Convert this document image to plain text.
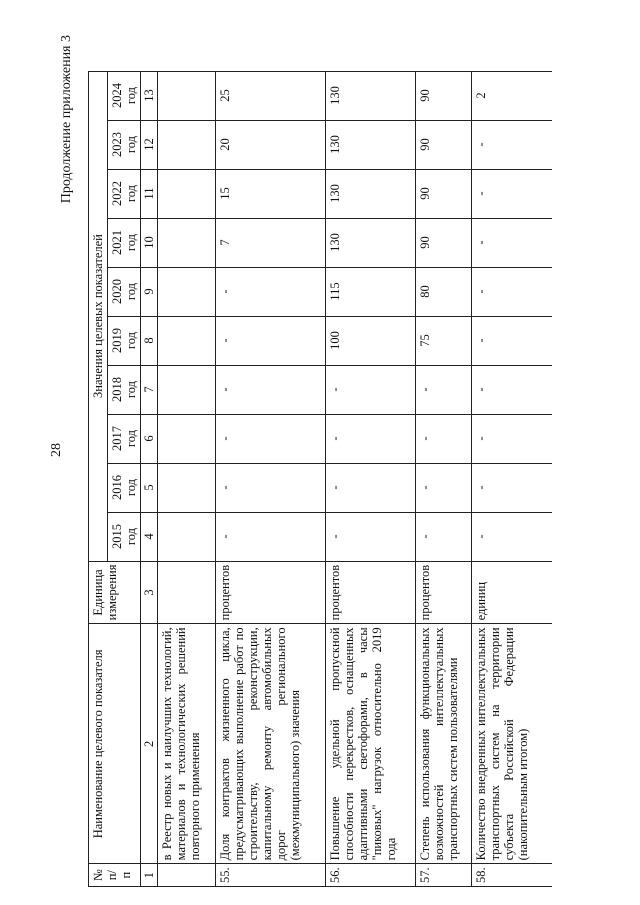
28
Продолжение приложения 3
№ п/п	Наименование целевого показателя	Единица измерения	Значения целевых показателей									
			2015 год	2016 год	2017 год	2018 год	2019 год	2020 год	2021 год	2022 год	2023 год	2024 год
1	2	3	4	5	6	7	8	9	10	11	12	13
	в Реестр новых и наилучших технологий, материалов и технологических решений повторного применения											
55.	Доля контрактов жизненного цикла, предусматривающих выполнение работ по строительству, реконструкции, капитальному ремонту автомобильных дорог регионального (межмуниципального) значения	процентов	-	-	-	-	-	-	7	15	20	25
56.	Повышение удельной пропускной способности перекрестков, оснащенных адаптивными светофорами, в часы "пиковых" нагрузок относительно 2019 года	процентов	-	-	-	-	100	115	130	130	130	130
57.	Степень использования функциональных возможностей интеллектуальных транспортных систем пользователями	процентов	-	-	-	-	75	80	90	90	90	90
58.	Количество внедренных интеллектуальных транспортных систем на территории субъекта Российской Федерации (накопительным итогом)	единиц	-	-	-	-	-	-	-	-	-	2
